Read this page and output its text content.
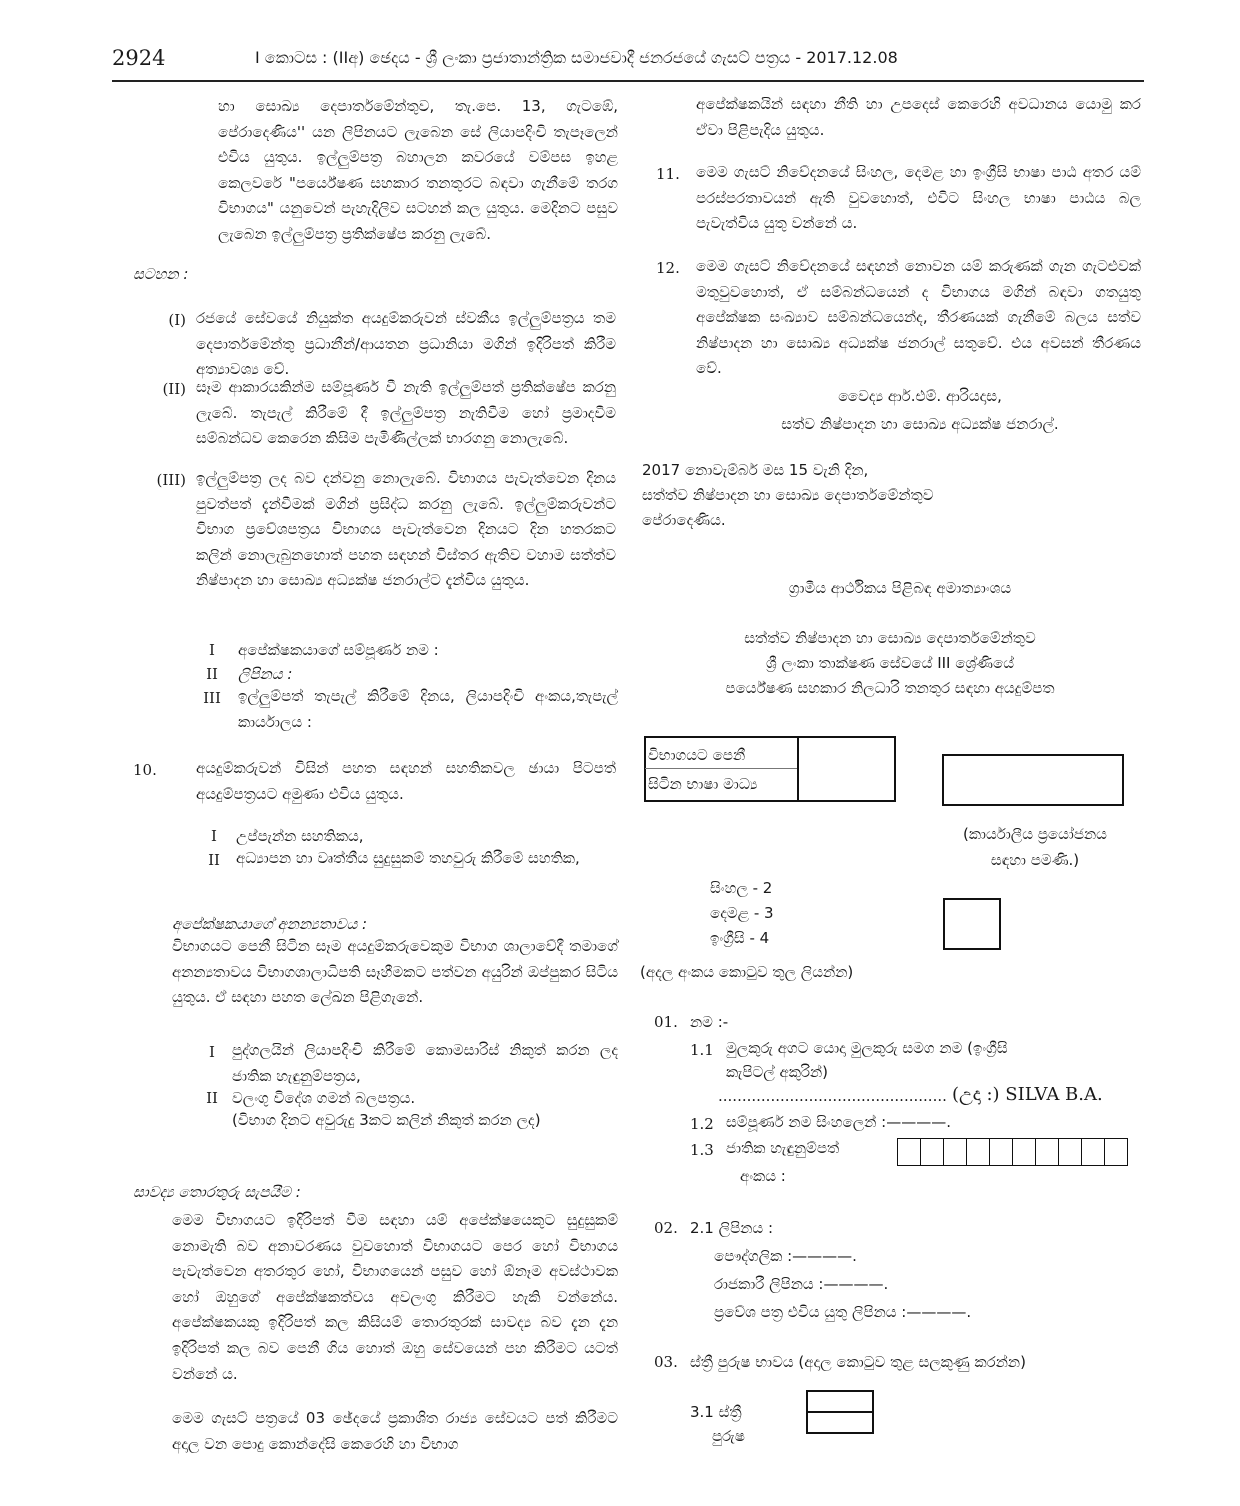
2924	I කොටස : (IIඅ) ඡෙදය - ශ්‍රී ලංකා ප්‍රජාතාන්ත්‍රික සමාජවාදී ජනරජයේ ගැසට් පත්‍රය - 2017.12.08
හා සොඛ්‍ය දෙපාර්තමේන්තුව, තැ.පෙ. 13, ගැටඹේ, පේරාදෙණිය'' යන ලිපිනයට ලැබෙන සේ ලියාපදිංචි තැපෑලෙන් එවිය යුතුය. ඉල්ලුම්පත්‍ර බහාලන කවරයේ වම්පස ඉහළ කෙලවරේ "පර්යේෂණ සහකාර තනතුරට බඳවා ගැනීමේ තරග විභාගය" යනුවෙන් පැහැදිලිව සටහන් කල යුතුය. මෙදිනට පසුව ලැබෙන ඉල්ලුම්පත්‍ර ප්‍රතික්ෂේප කරනු ලැබේ.
සටහන :
(I) රජයේ සේවයේ නියුක්ත අයදුම්කරුවන් ස්වකීය ඉල්ලුම්පත්‍රය තම දෙපාර්තමේන්තු ප්‍රධානීන්/ආයතන ප්‍රධානියා මගින් ඉදිරිපත් කිරීම අත්‍යාවශ්‍ය වේ.
(II) සෑම ආකාරයකින්ම සම්පූර්ණ වී නැති ඉල්ලුම්පත් ප්‍රතික්ෂේප කරනු ලැබේ. තැපැල් කිරීමේ දී ඉල්ලුම්පත්‍ර නැතිවීම හෝ ප්‍රමාදවීම සම්බන්ධව කෙරෙන කිසිම පැමිණිල්ලක් භාරගනු නොලැබේ.
(III) ඉල්ලුම්පත්‍ර ලද බව දන්වනු නොලැබේ. විභාගය පැවැත්වෙන දිනය පුවත්පත් දැන්වීමක් මගින් ප්‍රසිද්ධ කරනු ලැබේ. ඉල්ලුම්කරුවන්ට විභාග ප්‍රවේශපත්‍රය විභාගය පැවැත්වෙන දිනයට දින හතරකට කලින් නොලැබුනහොත් පහත සඳහන් විස්තර ඇතිව වහාම සත්ත්ව නිෂ්පාදන හා සොඛ්‍ය අධ්‍යක්ෂ ජනරාල්ට දැන්විය යුතුය.
I	අපේක්ෂකයාගේ සම්පූර්ණ නම :
II	ලිපිනය :
III ඉල්ලුම්පත් තැපැල් කිරීමේ දිනය, ලියාපදිංචි අංකය,තැපැල් කාර්යාලය :
10.	අයදුම්කරුවන් විසින් පහත සඳහන් සහතිකවල ඡායා පිටපත් අයදුම්පත්‍රයට අමුණා එවිය යුතුය.
I	උප්පැන්න සහතිකය,
II	අධ්‍යාපන හා වෘත්තීය සුදුසුකම් තහවුරු කිරීමේ සහතික,
අපේක්ෂකයාගේ අනන්‍යතාවය :
විභාගයට පෙනී සිටින සෑම අයදුම්කරුවෙකුම විභාග ශාලාවේදී තමාගේ අනන්‍යතාවය විභාගශාලාධිපති සෑහීමකට පත්වන අයුරින් ඔප්පුකර සිටිය යුතුය. ඒ සඳහා පහත ලේඛන පිළිගැනේ.
I	පුද්ගලයින් ලියාපදිංචි කිරීමේ කොමසාරිස් නිකුත් කරන ලද ජාතික හැඳුනුම්පත්‍රය,
II වලංගු විදේශ ගමන් බලපත්‍රය.
(විභාග දිනට අවුරුදු 3කට කලින් නිකුත් කරන ලද)
සාවද්‍ය තොරතුරු සැපයීම :
මෙම විභාගයට ඉදිරිපත් වීම සඳහා යම් අපේක්ෂයෙකුට සුදුසුකම් නොමැති බව අනාවරණය වුවහොත් විභාගයට පෙර හෝ විභාගය පැවැත්වෙන අතරතුර හෝ, විභාගයෙන් පසුව හෝ ඕනෑම අවස්ථාවක හෝ ඔහුගේ අපේක්ෂකත්වය අවලංගු කිරීමට හැකි වන්නේය. අපේක්ෂකයකු ඉදිරිපත් කල කිසියම් තොරතුරක් සාවද්‍ය බව දැන දැන ඉදිරිපත් කල බව පෙනී ගිය හොත් ඔහු සේවයෙන් පහ කිරීමට යටත් වන්නේ ය.
මෙම ගැසට් පත්‍රයේ 03 ඡේදයේ ප්‍රකාශිත රාජ්‍ය සේවයට පත් කිරීමට අදාල වන පොදු කොන්දේසි කෙරෙහි හා විභාග
අපේක්ෂකයින් සඳහා නීති හා උපදෙස් කෙරෙහි අවධානය යොමු කර ඒවා පිළිපැදිය යුතුය.
11. මෙම ගැසට් නිවේදනයේ සිංහල, දෙමළ හා ඉංග්‍රීසි භාෂා පාඨ අතර යම් පරස්පරතාවයන් ඇති වුවහොත්, එවිට සිංහල භාෂා පාඨය බල පැවැත්විය යුතු වන්නේ ය.
12. මෙම ගැසට් නිවේදනයේ සඳහන් නොවන යම් කරුණක් ගැන ගැටළුවක් මතුවුවහොත්, ඒ සම්බන්ධයෙන් ද විභාගය මගින් බඳවා ගතයුතු අපේක්ෂක සංඛ්‍යාව සම්බන්ධයෙන්ද, තීරණයක් ගැනීමේ බලය සත්ව නිෂ්පාදන හා සොඛ්‍ය අධ්‍යක්ෂ ජනරාල් සතුවේ. එය අවසන් තීරණය වේ.
වෛද්‍ය ආර්.එම්. ආරියදාස,
සත්ව නිෂ්පාදන හා සොඛ්‍ය අධ්‍යක්ෂ ජනරාල්.
2017 නොවැම්බර් මස 15 වැනි දින,
සත්ත්ව නිෂ්පාදන හා සොඛ්‍ය දෙපාර්තමේන්තුව
පේරාදෙණිය.
ග්‍රාමීය ආර්ථිකය පිළිබඳ අමාත්‍යාංශය
සත්ත්ව නිෂ්පාදන හා සොඛ්‍ය දෙපාර්තමේන්තුව
ශ්‍රී ලංකා තාක්ෂණ සේවයේ III ශ්‍රේණියේ
පර්යේෂණ සහකාර නිලධාරි තනතුර සඳහා අයදුම්පත
විභාගයට පෙනී
සිටින භාෂා මාධ්‍ය
(කාර්යාලීය ප්‍රයෝජනය
සඳහා පමණි.)
සිංහල - 2
දෙමළ - 3
ඉංග්‍රීසි - 4
(අදල අංකය කොටුව තුල ලියන්න)
01. නම :-
1.1 මුලකුරු අගට යොදා මුලකුරු සමග නම (ඉංග්‍රීසි
කැපිටල් අකුරින්)
................................................ (උදා :) SILVA B.A.
1.2 සම්පූර්ණ නම සිංහලෙන් :————.
1.3 ජාතික හැඳුනුම්පත්
අංකය :

02. 2.1 ලිපිනය :
පෞද්ගලික :————.
රාජකාරී ලිපිනය :————.
ප්‍රවේශ පත්‍ර එවිය යුතු ලිපිනය :————.
03. ස්ත්‍රී පුරුෂ භාවය (අදාල කොටුව තුළ සලකුණු කරන්න)
3.1 ස්ත්‍රී
පුරුෂ
